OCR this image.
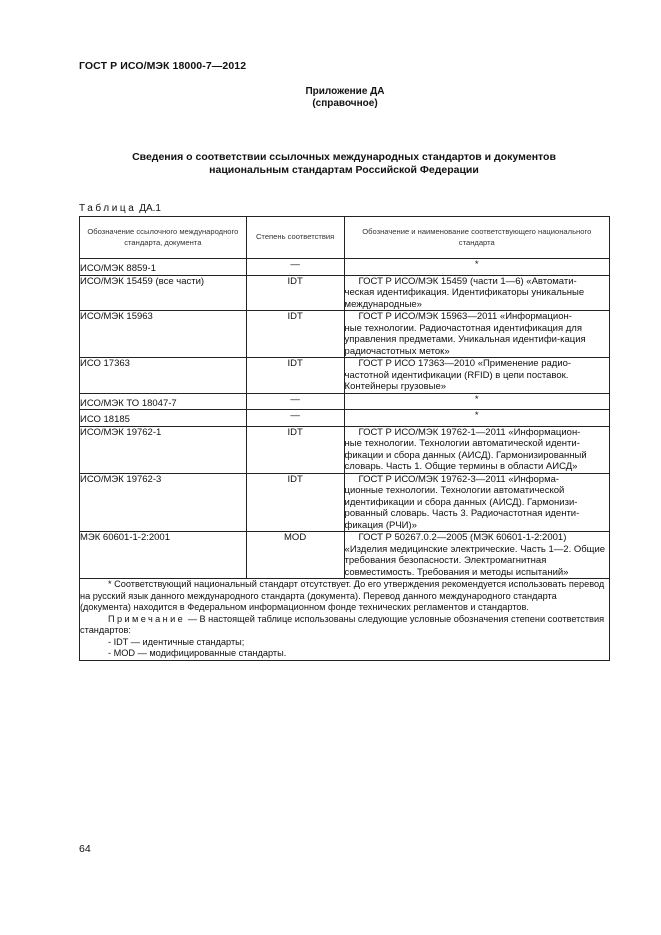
ГОСТ Р ИСО/МЭК 18000-7—2012
Приложение ДА
(справочное)
Сведения о соответствии ссылочных международных стандартов и документов
национальным стандартам Российской Федерации
Таблица ДА.1
Обозначение ссылочного международного стандарта, документа	Степень соответствия	Обозначение и наименование соответствующего национального стандарта
ИСО/МЭК 8859-1	—	*
ИСО/МЭК 15459 (все части)	IDT	ГОСТ Р ИСО/МЭК 15459 (части 1—6) «Автомати-
ческая идентификация. Идентификаторы уникальные международные»
ИСО/МЭК 15963	IDT	ГОСТ Р ИСО/МЭК 15963—2011 «Информацион-
ные технологии. Радиочастотная идентификация для управления предметами. Уникальная идентифи-кация радиочастотных меток»
ИСО 17363	IDT	ГОСТ Р ИСО 17363—2010 «Применение радио-
частотной идентификации (RFID) в цепи поставок. Контейнеры грузовые»
ИСО/МЭК ТО 18047-7	—	*
ИСО 18185	—	*
ИСО/МЭК 19762-1	IDT	ГОСТ Р ИСО/МЭК 19762-1—2011 «Информацион-
ные технологии. Технологии автоматической иденти-фикации и сбора данных (АИСД). Гармонизированный словарь. Часть 1. Общие термины в области АИСД»
ИСО/МЭК 19762-3	IDT	ГОСТ Р ИСО/МЭК 19762-3—2011 «Информа-
ционные технологии. Технологии автоматической идентификации и сбора данных (АИСД). Гармонизи-рованный словарь. Часть 3. Радиочастотная иденти-фикация (РЧИ)»
МЭК 60601-1-2:2001	MOD	ГОСТ Р 50267.0.2—2005 (МЭК 60601-1-2:2001)
«Изделия медицинские электрические. Часть 1—2. Общие требования безопасности. Электромагнитная совместимость. Требования и методы испытаний»

* Соответствующий национальный стандарт отсутствует. До его утверждения рекомендуется использовать перевод на русский язык данного международного стандарта (документа). Перевод данного международного стандарта (документа) находится в Федеральном информационном фонде технических регламентов и стандартов.
Примечание — В настоящей таблице использованы следующие условные обозначения степени соответствия стандартов:
- IDT — идентичные стандарты;
- MOD — модифицированные стандарты.		
64
